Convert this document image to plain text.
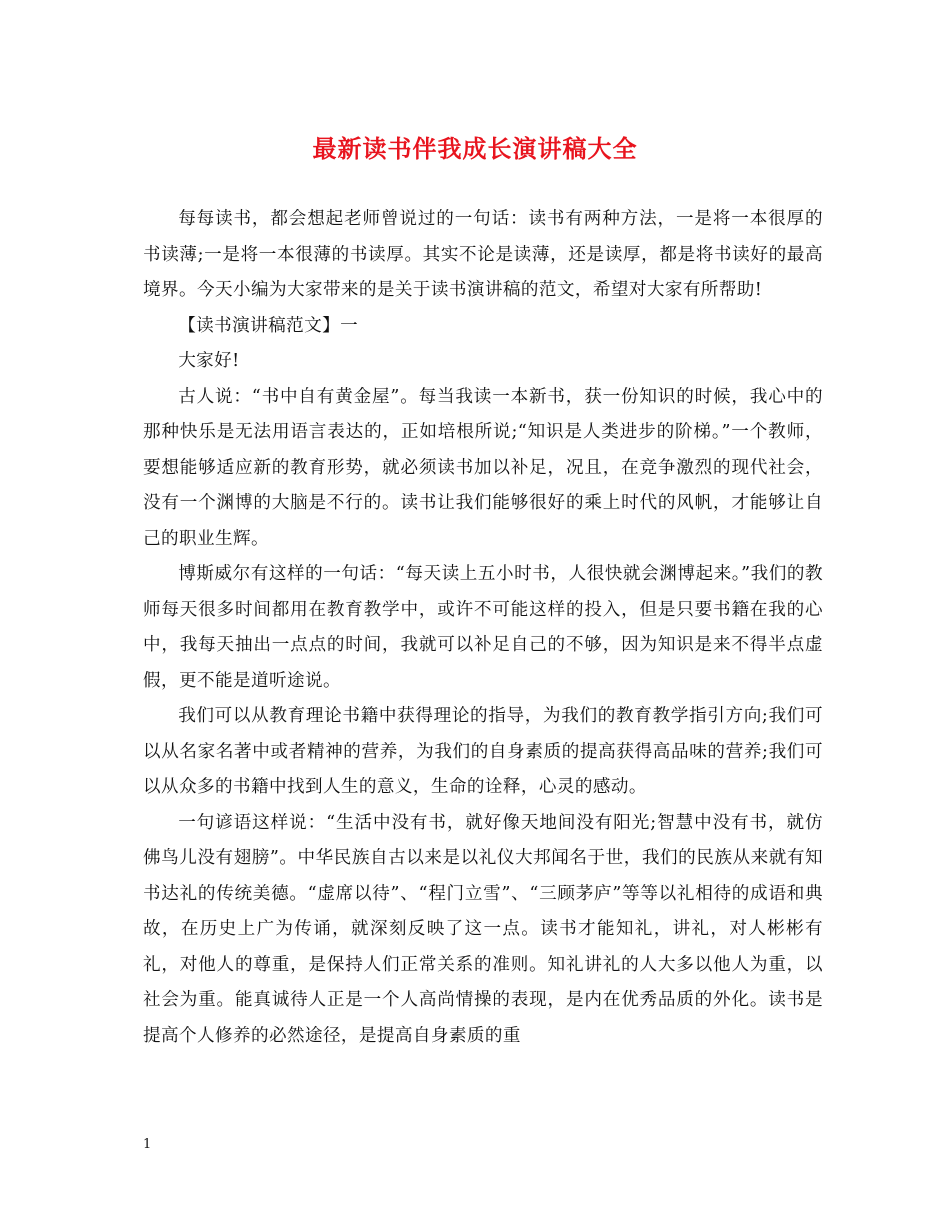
最新读书伴我成长演讲稿大全

每每读书，都会想起老师曾说过的一句话：读书有两种方法，一是将一本很厚的书读薄;一是将一本很薄的书读厚。其实不论是读薄，还是读厚，都是将书读好的最高境界。今天小编为大家带来的是关于读书演讲稿的范文，希望对大家有所帮助!

【读书演讲稿范文】一

大家好!

古人说：“书中自有黄金屋”。每当我读一本新书，获一份知识的时候，我心中的那种快乐是无法用语言表达的，正如培根所说;“知识是人类进步的阶梯。”一个教师，要想能够适应新的教育形势，就必须读书加以补足，况且，在竞争激烈的现代社会，没有一个渊博的大脑是不行的。读书让我们能够很好的乘上时代的风帆，才能够让自己的职业生辉。

博斯威尔有这样的一句话：“每天读上五小时书，人很快就会渊博起来。”我们的教师每天很多时间都用在教育教学中，或许不可能这样的投入，但是只要书籍在我的心中，我每天抽出一点点的时间，我就可以补足自己的不够，因为知识是来不得半点虚假，更不能是道听途说。

我们可以从教育理论书籍中获得理论的指导，为我们的教育教学指引方向;我们可以从名家名著中或者精神的营养，为我们的自身素质的提高获得高品味的营养;我们可以从众多的书籍中找到人生的意义，生命的诠释，心灵的感动。

一句谚语这样说：“生活中没有书，就好像天地间没有阳光;智慧中没有书，就仿佛鸟儿没有翅膀”。中华民族自古以来是以礼仪大邦闻名于世，我们的民族从来就有知书达礼的传统美德。“虚席以待”、“程门立雪”、“三顾茅庐”等等以礼相待的成语和典故，在历史上广为传诵，就深刻反映了这一点。读书才能知礼，讲礼，对人彬彬有礼，对他人的尊重，是保持人们正常关系的准则。知礼讲礼的人大多以他人为重，以社会为重。能真诚待人正是一个人高尚情操的表现，是内在优秀品质的外化。读书是提高个人修养的必然途径，是提高自身素质的重

1
